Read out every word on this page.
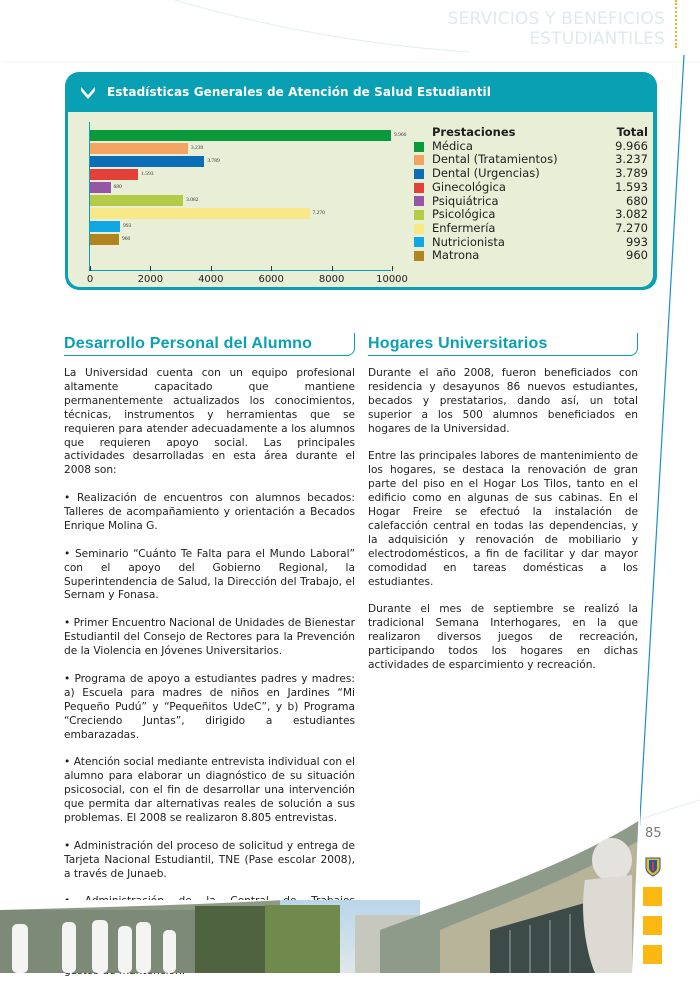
SERVICIOS Y BENEFICIOS
ESTUDIANTILES
Estadísticas Generales de Atención de Salud Estudiantil
9.966
3.239
3.789
1.593
680
3.082
7.270
993
960
0	2000	4000	6000	8000	10000
Prestaciones	Total
Médica	9.966
Dental (Tratamientos)	3.237
Dental (Urgencias)	3.789
Ginecológica	1.593
Psiquiátrica	680
Psicológica	3.082
Enfermería	7.270
Nutricionista	993
Matrona	960
Desarrollo Personal del Alumno

La Universidad cuenta con un equipo profesional altamente capacitado que mantiene permanentemente actualizados los conocimientos, técnicas, instrumentos y herramientas que se requieren para atender adecuadamente a los alumnos que requieren apoyo social. Las principales actividades desarrolladas en esta área durante el 2008 son:

• Realización de encuentros con alumnos becados: Talleres de acompañamiento y orientación a Becados Enrique Molina G.

• Seminario “Cuánto Te Falta para el Mundo Laboral” con el apoyo del Gobierno Regional, la Superintendencia de Salud, la Dirección del Trabajo, el Sernam y Fonasa.

• Primer Encuentro Nacional de Unidades de Bienestar Estudiantil del Consejo de Rectores para la Prevención de la Violencia en Jóvenes Universitarios.

• Programa de apoyo a estudiantes padres y madres: a) Escuela para madres de niños en Jardines “Mi Pequeño Pudú” y “Pequeñitos UdeC”, y b) Programa “Creciendo Juntas”, dirigido a estudiantes embarazadas.

• Atención social mediante entrevista individual con el alumno para elaborar un diagnóstico de su situación psicosocial, con el fin de desarrollar una intervención que permita dar alternativas reales de solución a sus problemas. El 2008 se realizaron 8.805 entrevistas.

• Administración del proceso de solicitud y entrega de Tarjeta Nacional Estudiantil, TNE (Pase escolar 2008), a través de Junaeb.

Hogares Universitarios

Durante el año 2008, fueron beneficiados con residencia y desayunos 86 nuevos estudiantes, becados y prestatarios, dando así, un total superior a los 500 alumnos beneficiados en hogares de la Universidad.

Entre las principales labores de mantenimiento de los hogares, se destaca la renovación de gran parte del piso en el Hogar Los Tilos, tanto en el edificio como en algunas de sus cabinas. En el Hogar Freire se efectuó la instalación de calefacción central en todas las dependencias, y la adquisición y renovación de mobiliario y electrodomésticos, a fin de facilitar y dar mayor comodidad en tareas domésticas a los estudiantes.

Durante el mes de septiembre se realizó la tradicional Semana Interhogares, en la que realizaron diversos juegos de recreación, participando todos los hogares en dichas actividades de esparcimiento y recreación.

85
